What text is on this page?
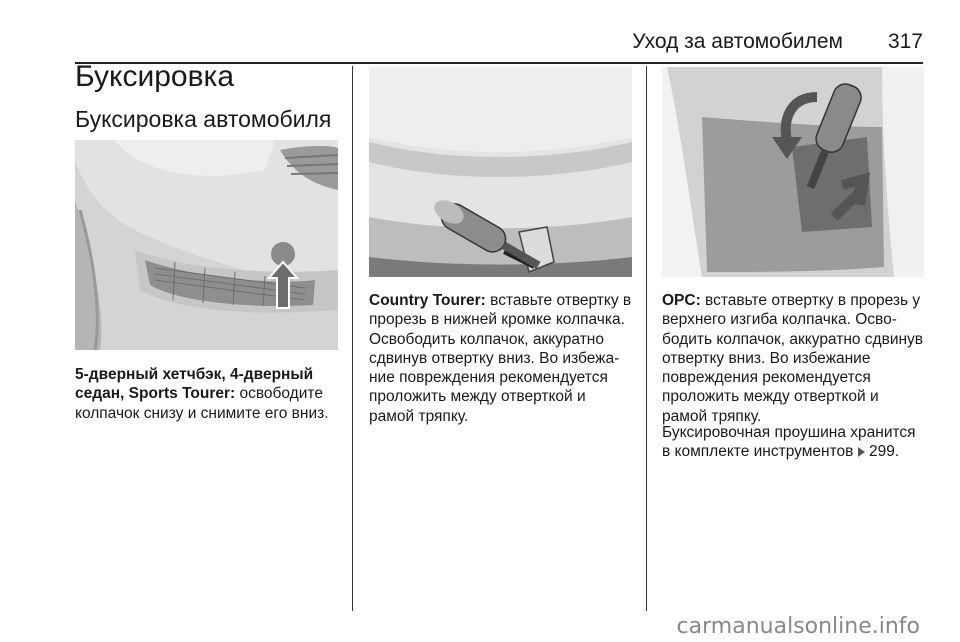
Уход за автомобилем 317
Буксировка
Буксировка автомобиля
5-дверный хетчбэк, 4-дверный седан, Sports Tourer: освободите колпачок снизу и снимите его вниз.
Country Tourer: вставьте отвертку в прорезь в нижней кромке колпачка. Освободить колпачок, аккуратно сдвинув отвертку вниз. Во избежание повреждения рекомендуется проложить между отверткой и рамой тряпку.
OPC: вставьте отвертку в прорезь у верхнего изгиба колпачка. Освободить колпачок, аккуратно сдвинув отвертку вниз. Во избежание повреждения рекомендуется проложить между отверткой и рамой тряпку.
Буксировочная проушина хранится в комплекте инструментов  299.
carmanualsonline.info
